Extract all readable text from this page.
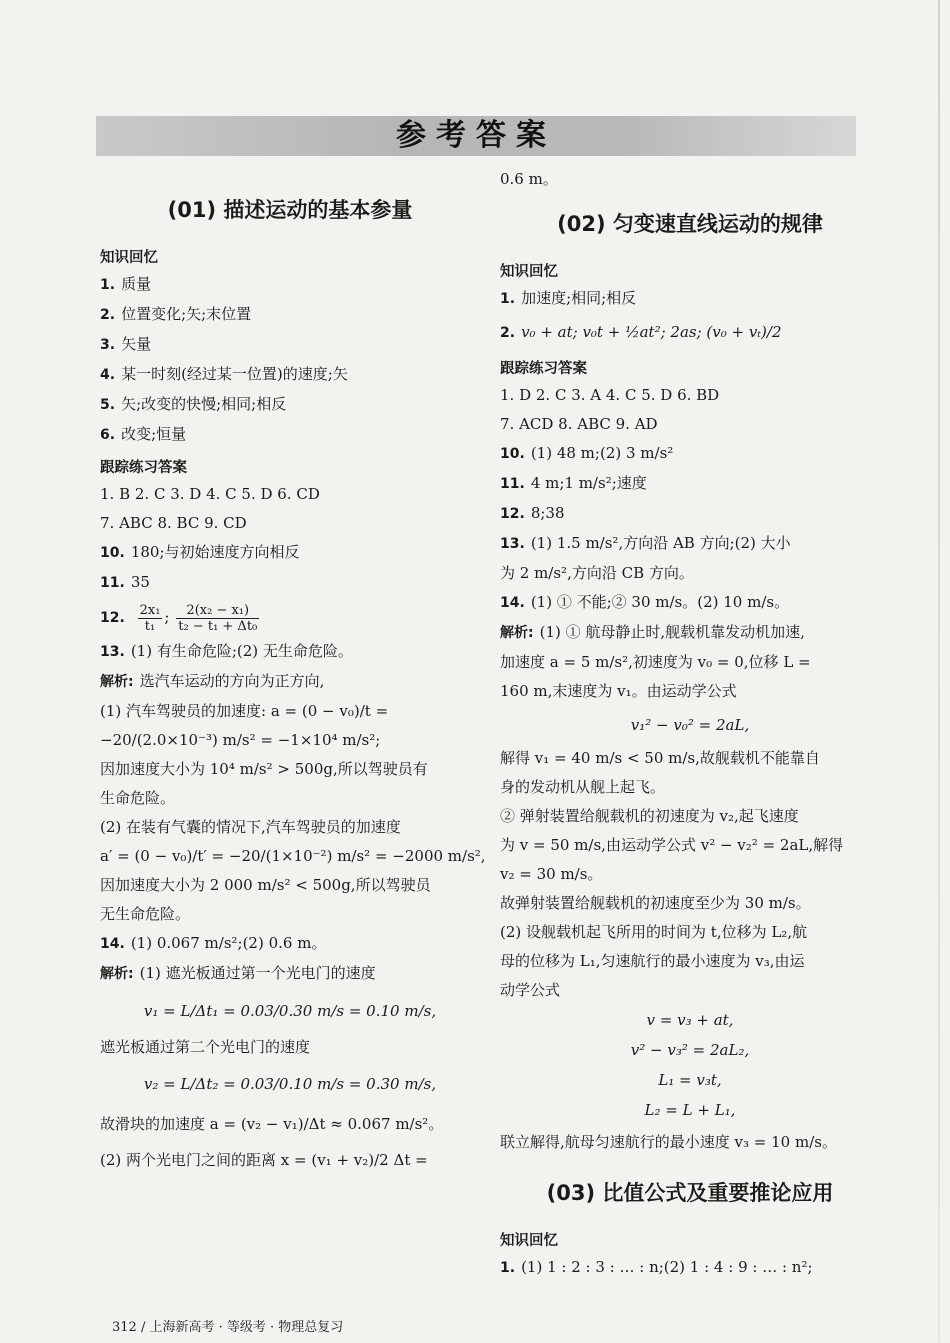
参考答案
(01) 描述运动的基本参量
知识回忆

1. 质量

2. 位置变化;矢;末位置

3. 矢量

4. 某一时刻(经过某一位置)的速度;矢

5. 矢;改变的快慢;相同;相反

6. 改变;恒量

跟踪练习答案

1. B 2. C 3. D 4. C 5. D 6. CD

7. ABC 8. BC 9. CD

10. 180;与初始速度方向相反

11. 35

12. $\frac{\text{2x₁}}{\text{t₁}}$ ; $\frac{\text{2(x₂ − x₁)}}{\text{t₂ − t₁ + Δt₀}}$

13. (1) 有生命危险;(2) 无生命危险。

解析: 选汽车运动的方向为正方向,

(1) 汽车驾驶员的加速度: a = (0 − v₀)/t =

−20/(2.0×10⁻³) m/s² = −1×10⁴ m/s²;

因加速度大小为 10⁴ m/s² > 500g,所以驾驶员有

生命危险。

(2) 在装有气囊的情况下,汽车驾驶员的加速度

a′ = (0 − v₀)/t′ = −20/(1×10⁻²) m/s² = −2000 m/s²,

因加速度大小为 2 000 m/s² < 500g,所以驾驶员

无生命危险。

14. (1) 0.067 m/s²;(2) 0.6 m。

解析: (1) 遮光板通过第一个光电门的速度

v₁ = L/Δt₁ = 0.03/0.30 m/s = 0.10 m/s,

遮光板通过第二个光电门的速度

v₂ = L/Δt₂ = 0.03/0.10 m/s = 0.30 m/s,

故滑块的加速度 a = (v₂ − v₁)/Δt ≈ 0.067 m/s²。

(2) 两个光电门之间的距离 x = (v₁ + v₂)/2 Δt =

0.6 m。

(02) 匀变速直线运动的规律
知识回忆

1. 加速度;相同;相反

2. v₀ + at; v₀t + ½at²; 2as; (v₀ + vₜ)/2

跟踪练习答案

1. D 2. C 3. A 4. C 5. D 6. BD

7. ACD 8. ABC 9. AD

10. (1) 48 m;(2) 3 m/s²

11. 4 m;1 m/s²;速度

12. 8;38

13. (1) 1.5 m/s²,方向沿 AB 方向;(2) 大小

为 2 m/s²,方向沿 CB 方向。

14. (1) ① 不能;② 30 m/s。(2) 10 m/s。

解析: (1) ① 航母静止时,舰载机靠发动机加速,

加速度 a = 5 m/s²,初速度为 v₀ = 0,位移 L =

160 m,末速度为 v₁。由运动学公式

v₁² − v₀² = 2aL,

解得 v₁ = 40 m/s < 50 m/s,故舰载机不能靠自

身的发动机从舰上起飞。

② 弹射装置给舰载机的初速度为 v₂,起飞速度

为 v = 50 m/s,由运动学公式 v² − v₂² = 2aL,解得

v₂ = 30 m/s。

故弹射装置给舰载机的初速度至少为 30 m/s。

(2) 设舰载机起飞所用的时间为 t,位移为 L₂,航

母的位移为 L₁,匀速航行的最小速度为 v₃,由运

动学公式

v = v₃ + at,

v² − v₃² = 2aL₂,

L₁ = v₃t,

L₂ = L + L₁,

联立解得,航母匀速航行的最小速度 v₃ = 10 m/s。

(03) 比值公式及重要推论应用
知识回忆

1. (1) 1 : 2 : 3 : … : n;(2) 1 : 4 : 9 : … : n²;

312 / 上海新高考 · 等级考 · 物理总复习
